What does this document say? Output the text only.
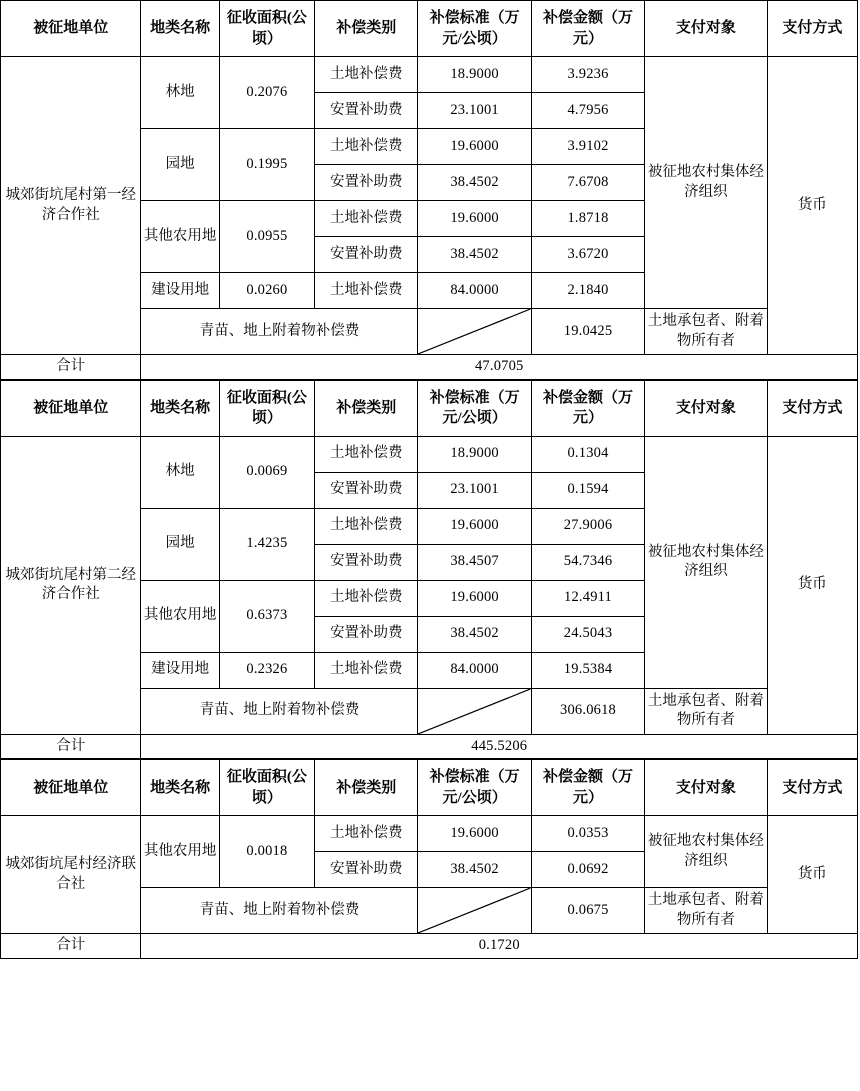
被征地单位	地类名称	征收面积(公顷）	补偿类别	补偿标准（万元/公顷）	补偿金额（万元）	支付对象	支付方式
城郊街坑尾村第一经济合作社	林地	0.2076	土地补偿费	18.9000	3.9236	被征地农村集体经济组织	货币
			安置补助费	23.1001	4.7956		
	园地	0.1995	土地补偿费	19.6000	3.9102		
			安置补助费	38.4502	7.6708		
	其他农用地	0.0955	土地补偿费	19.6000	1.8718		
			安置补助费	38.4502	3.6720		
	建设用地	0.0260	土地补偿费	84.0000	2.1840		
	青苗、地上附着物补偿费				19.0425	土地承包者、附着物所有者	
合计	47.0705						
被征地单位	地类名称	征收面积(公顷）	补偿类别	补偿标准（万元/公顷）	补偿金额（万元）	支付对象	支付方式
城郊街坑尾村第二经济合作社	林地	0.0069	土地补偿费	18.9000	0.1304	被征地农村集体经济组织	货币
			安置补助费	23.1001	0.1594		
	园地	1.4235	土地补偿费	19.6000	27.9006		
			安置补助费	38.4507	54.7346		
	其他农用地	0.6373	土地补偿费	19.6000	12.4911		
			安置补助费	38.4502	24.5043		
	建设用地	0.2326	土地补偿费	84.0000	19.5384		
	青苗、地上附着物补偿费				306.0618	土地承包者、附着物所有者	
合计	445.5206						
被征地单位	地类名称	征收面积(公顷）	补偿类别	补偿标准（万元/公顷）	补偿金额（万元）	支付对象	支付方式
城郊街坑尾村经济联合社	其他农用地	0.0018	土地补偿费	19.6000	0.0353	被征地农村集体经济组织	货币
			安置补助费	38.4502	0.0692		
	青苗、地上附着物补偿费				0.0675	土地承包者、附着物所有者	
合计	0.1720						
